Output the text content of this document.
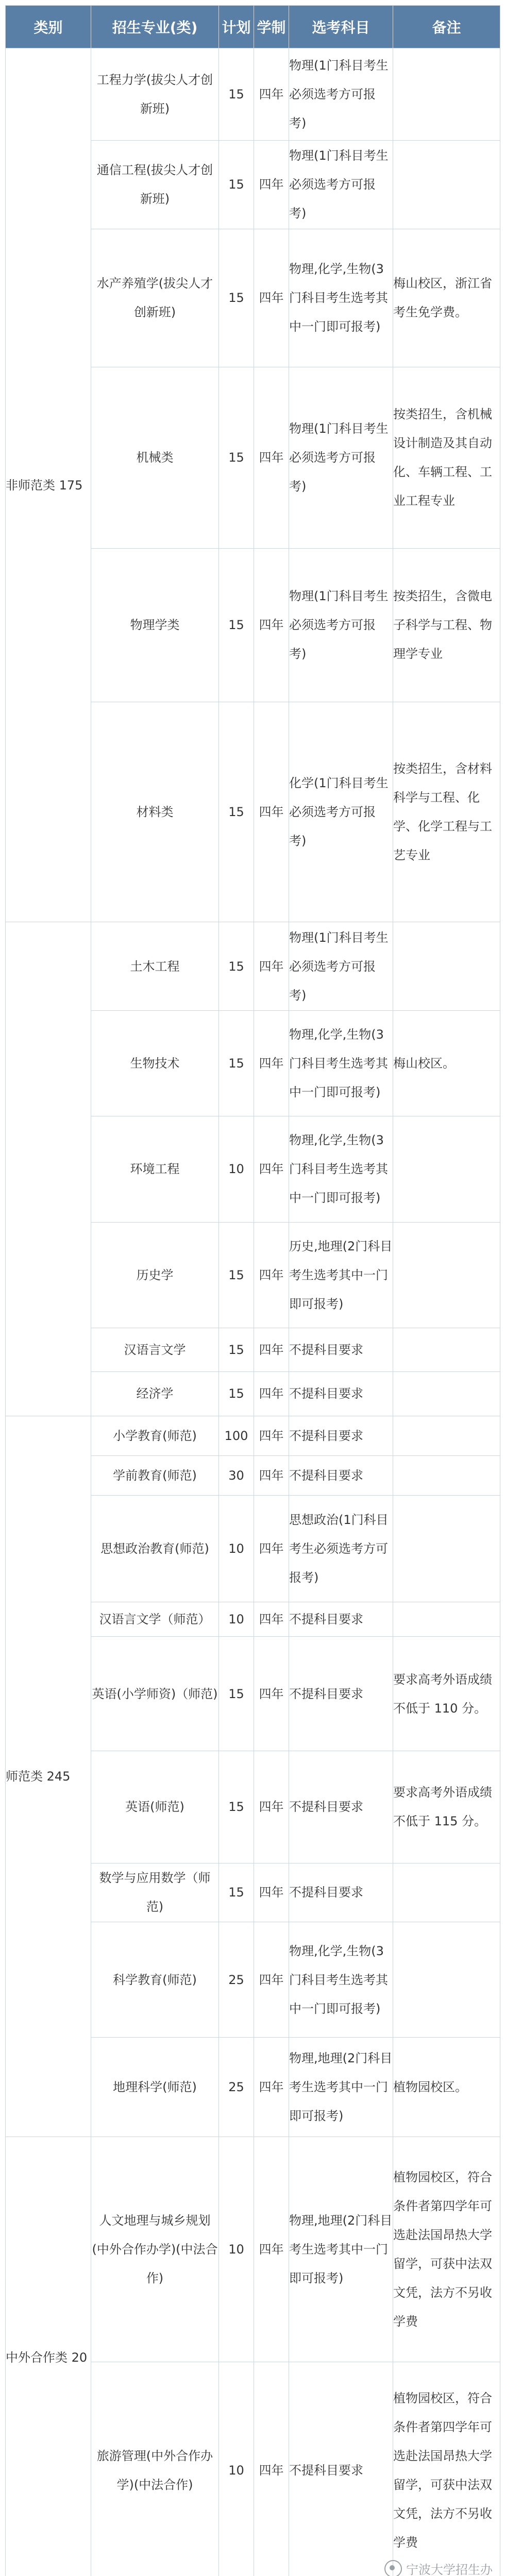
类别	招生专业(类)	计划	学制	选考科目	备注
非师范类 175	工程力学(拔尖人才创新班)	15	四年	物理(1门科目考生必须选考方可报考)	
	通信工程(拔尖人才创新班)	15	四年	物理(1门科目考生必须选考方可报考)	
	水产养殖学(拔尖人才创新班)	15	四年	物理,化学,生物(3门科目考生选考其中一门即可报考)	梅山校区，浙江省考生免学费。
	机械类	15	四年	物理(1门科目考生必须选考方可报考)	按类招生，含机械设计制造及其自动化、车辆工程、工业工程专业
	物理学类	15	四年	物理(1门科目考生必须选考方可报考)	按类招生，含微电子科学与工程、物理学专业
	材料类	15	四年	化学(1门科目考生必须选考方可报考)	按类招生，含材料科学与工程、化学、化学工程与工艺专业
	土木工程	15	四年	物理(1门科目考生必须选考方可报考)	
	生物技术	15	四年	物理,化学,生物(3门科目考生选考其中一门即可报考)	梅山校区。
	环境工程	10	四年	物理,化学,生物(3门科目考生选考其中一门即可报考)	
	历史学	15	四年	历史,地理(2门科目考生选考其中一门即可报考)	
	汉语言文学	15	四年	不提科目要求	
	经济学	15	四年	不提科目要求	
师范类 245	小学教育(师范)	100	四年	不提科目要求	
	学前教育(师范)	30	四年	不提科目要求	
	思想政治教育(师范)	10	四年	思想政治(1门科目考生必须选考方可报考)	
	汉语言文学（师范）	10	四年	不提科目要求	
	英语(小学师资)（师范)	15	四年	不提科目要求	要求高考外语成绩不低于 110 分。
	英语(师范)	15	四年	不提科目要求	要求高考外语成绩不低于 115 分。
	数学与应用数学（师范)	15	四年	不提科目要求	
	科学教育(师范)	25	四年	物理,化学,生物(3门科目考生选考其中一门即可报考)	
	地理科学(师范)	25	四年	物理,地理(2门科目考生选考其中一门即可报考)	植物园校区。
中外合作类 20	人文地理与城乡规划(中外合作办学)(中法合作)	10	四年	物理,地理(2门科目考生选考其中一门即可报考)	植物园校区，符合条件者第四学年可选赴法国昂热大学留学，可获中法双文凭，法方不另收学费
	旅游管理(中外合作办学)(中法合作)	10	四年	不提科目要求	植物园校区，符合条件者第四学年可选赴法国昂热大学留学，可获中法双文凭，法方不另收学费
宁波大学招生办
